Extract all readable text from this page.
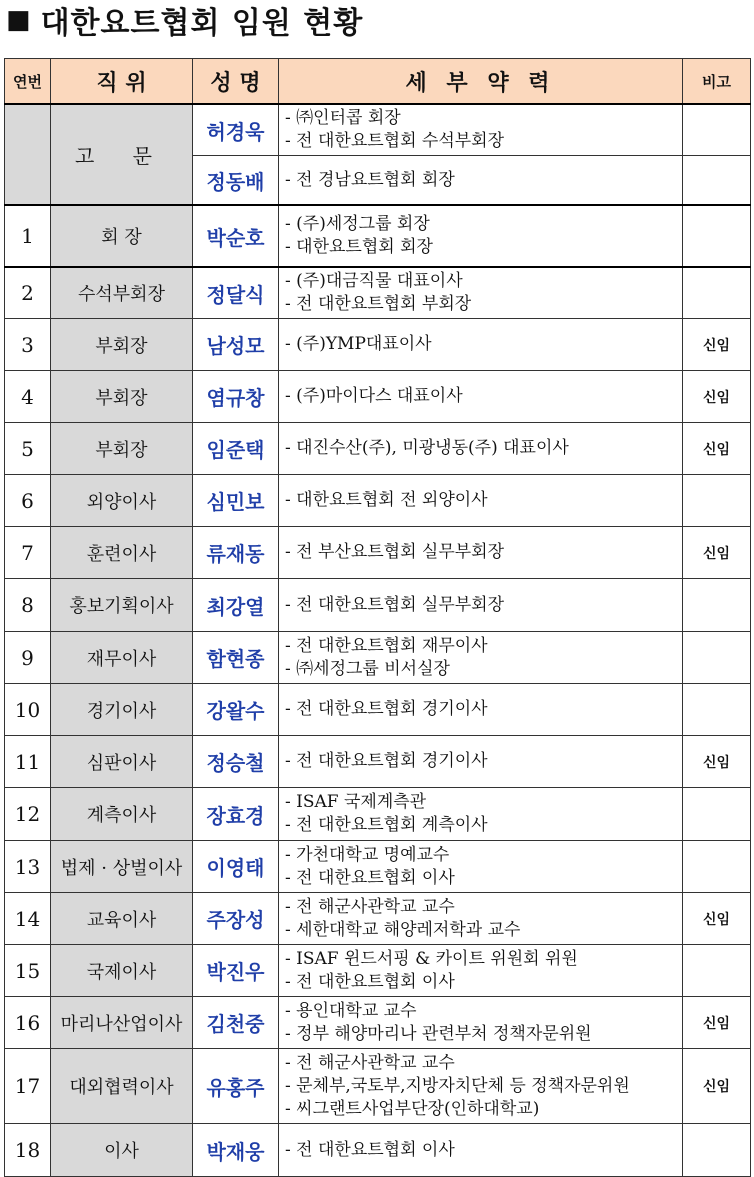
■ 대한요트협회 임원 현황
연번	직 위	성 명	세 부 약 력	비고
	고 문	허경욱	- ㈜인터콥 회장
- 전 대한요트협회 수석부회장	

		정동배	- 전 경남요트협회 회장	

1	회 장	박순호	- (주)세정그룹 회장
- 대한요트협회 회장	

2	수석부회장	정달식	- (주)대금직물 대표이사
- 전 대한요트협회 부회장	

3	부회장	남성모	- (주)YMP대표이사	신임
4	부회장	염규창	- (주)마이다스 대표이사	신임
5	부회장	임준택	- 대진수산(주), 미광냉동(주) 대표이사	신임
6	외양이사	심민보	- 대한요트협회 전 외양이사	

7	훈련이사	류재동	- 전 부산요트협회 실무부회장	신임
8	홍보기획이사	최강열	- 전 대한요트협회 실무부회장	

9	재무이사	함현종	- 전 대한요트협회 재무이사
- ㈜세정그룹 비서실장	

10	경기이사	강왈수	- 전 대한요트협회 경기이사	

11	심판이사	정승철	- 전 대한요트협회 경기이사	신임
12	계측이사	장효경	- ISAF 국제계측관
- 전 대한요트협회 계측이사	

13	법제 · 상벌이사	이영태	- 가천대학교 명예교수
- 전 대한요트협회 이사	

14	교육이사	주장성	- 전 해군사관학교 교수
- 세한대학교 해양레저학과 교수	신임
15	국제이사	박진우	- ISAF 윈드서핑 & 카이트 위원회 위원
- 전 대한요트협회 이사	

16	마리나산업이사	김천중	- 용인대학교 교수
- 정부 해양마리나 관련부처 정책자문위원	신임
17	대외협력이사	유홍주	- 전 해군사관학교 교수
- 문체부,국토부,지방자치단체 등 정책자문위원
- 씨그랜트사업부단장(인하대학교)	신임
18	이사	박재웅	- 전 대한요트협회 이사	
